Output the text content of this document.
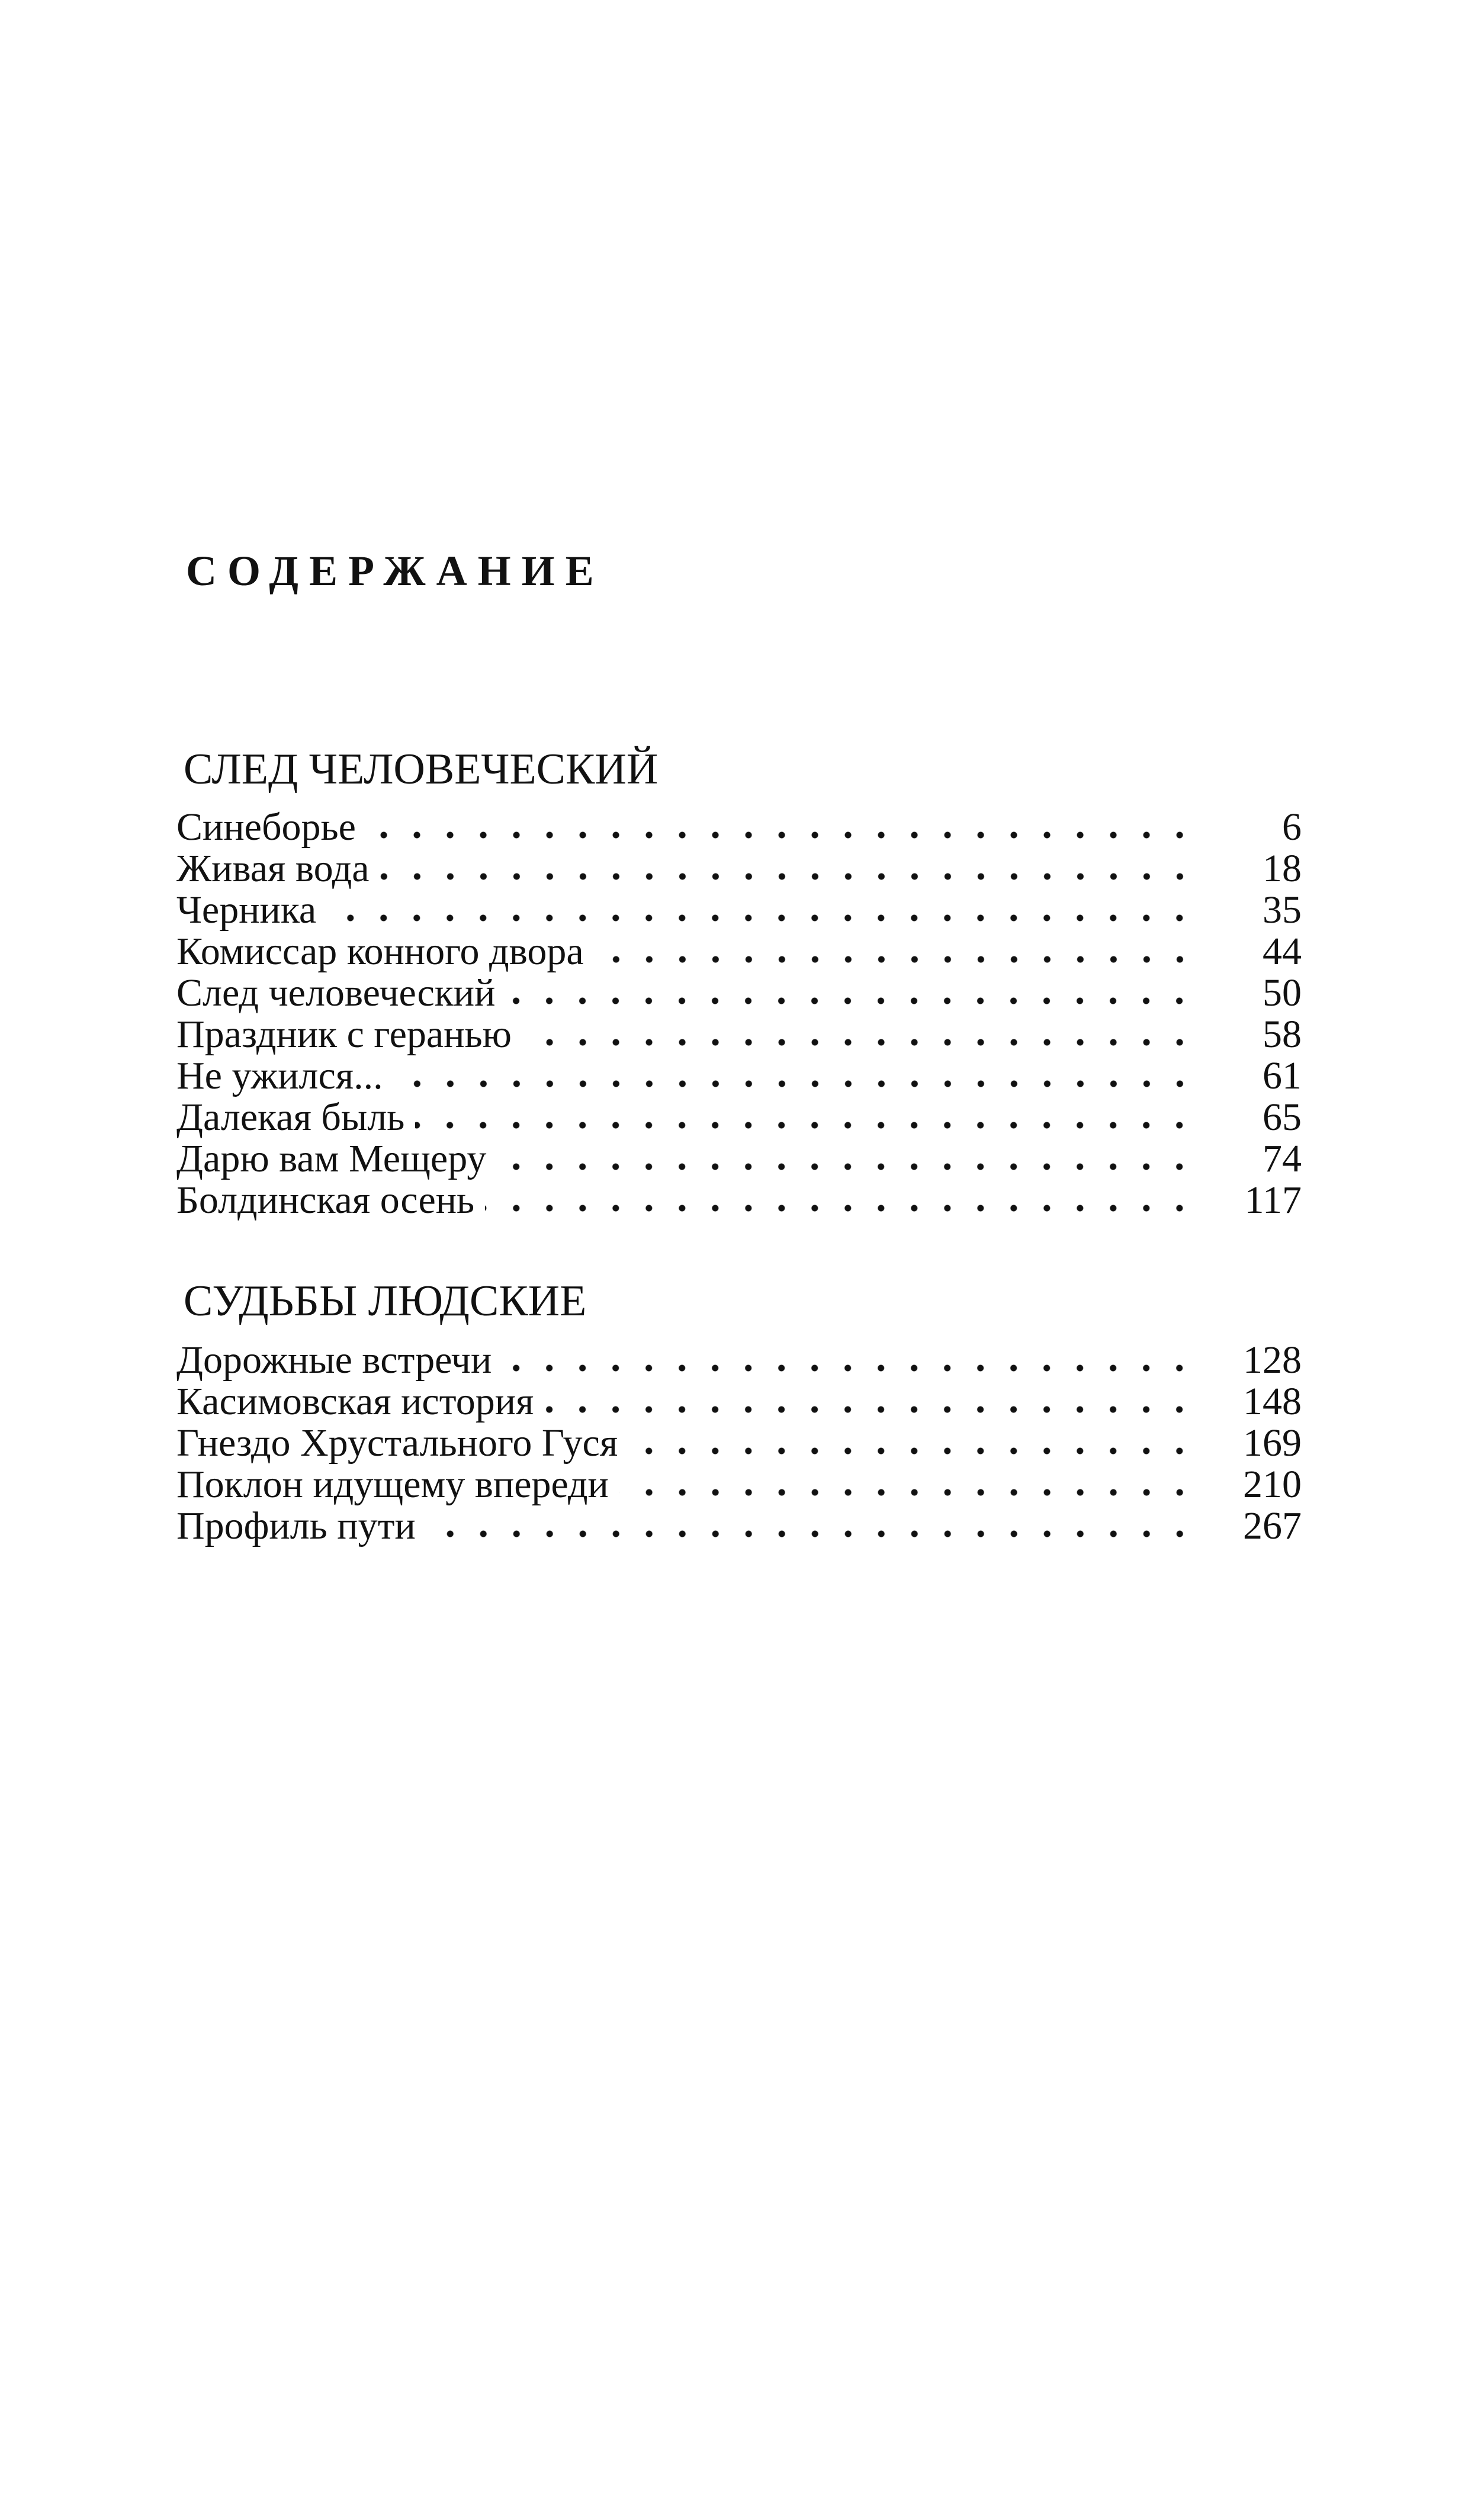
СОДЕРЖАНИЕ
СЛЕД ЧЕЛОВЕЧЕСКИЙ
Синеборье	6
Живая вода	18
Черника	35
Комиссар конного двора	44
След человеческий	50
Праздник с геранью	58
Не ужился...	61
Далекая быль	65
Дарю вам Мещеру	74
Болдинская осень	117
СУДЬБЫ ЛЮДСКИЕ
Дорожные встречи	128
Касимовская история	148
Гнездо Хрустального Гуся	169
Поклон идущему впереди	210
Профиль пути	267
